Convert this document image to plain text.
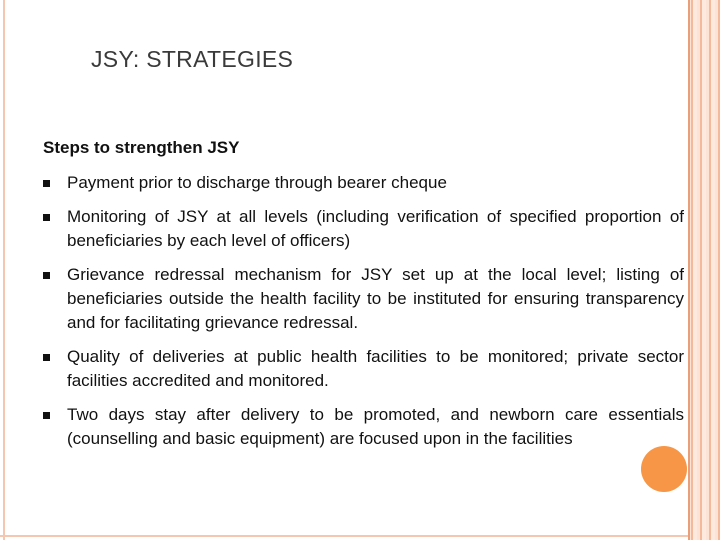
JSY: STRATEGIES
Steps to strengthen JSY
Payment prior to discharge through bearer cheque
Monitoring of JSY at all levels (including verification of specified proportion of beneficiaries by each level of officers)
Grievance redressal mechanism for JSY set up at the local level; listing of beneficiaries outside the health facility to be instituted for ensuring transparency and for facilitating grievance redressal.
Quality of deliveries at public health facilities to be monitored; private sector facilities accredited and monitored.
Two days stay after delivery to be promoted, and newborn care essentials (counselling and basic equipment) are focused upon in the facilities
